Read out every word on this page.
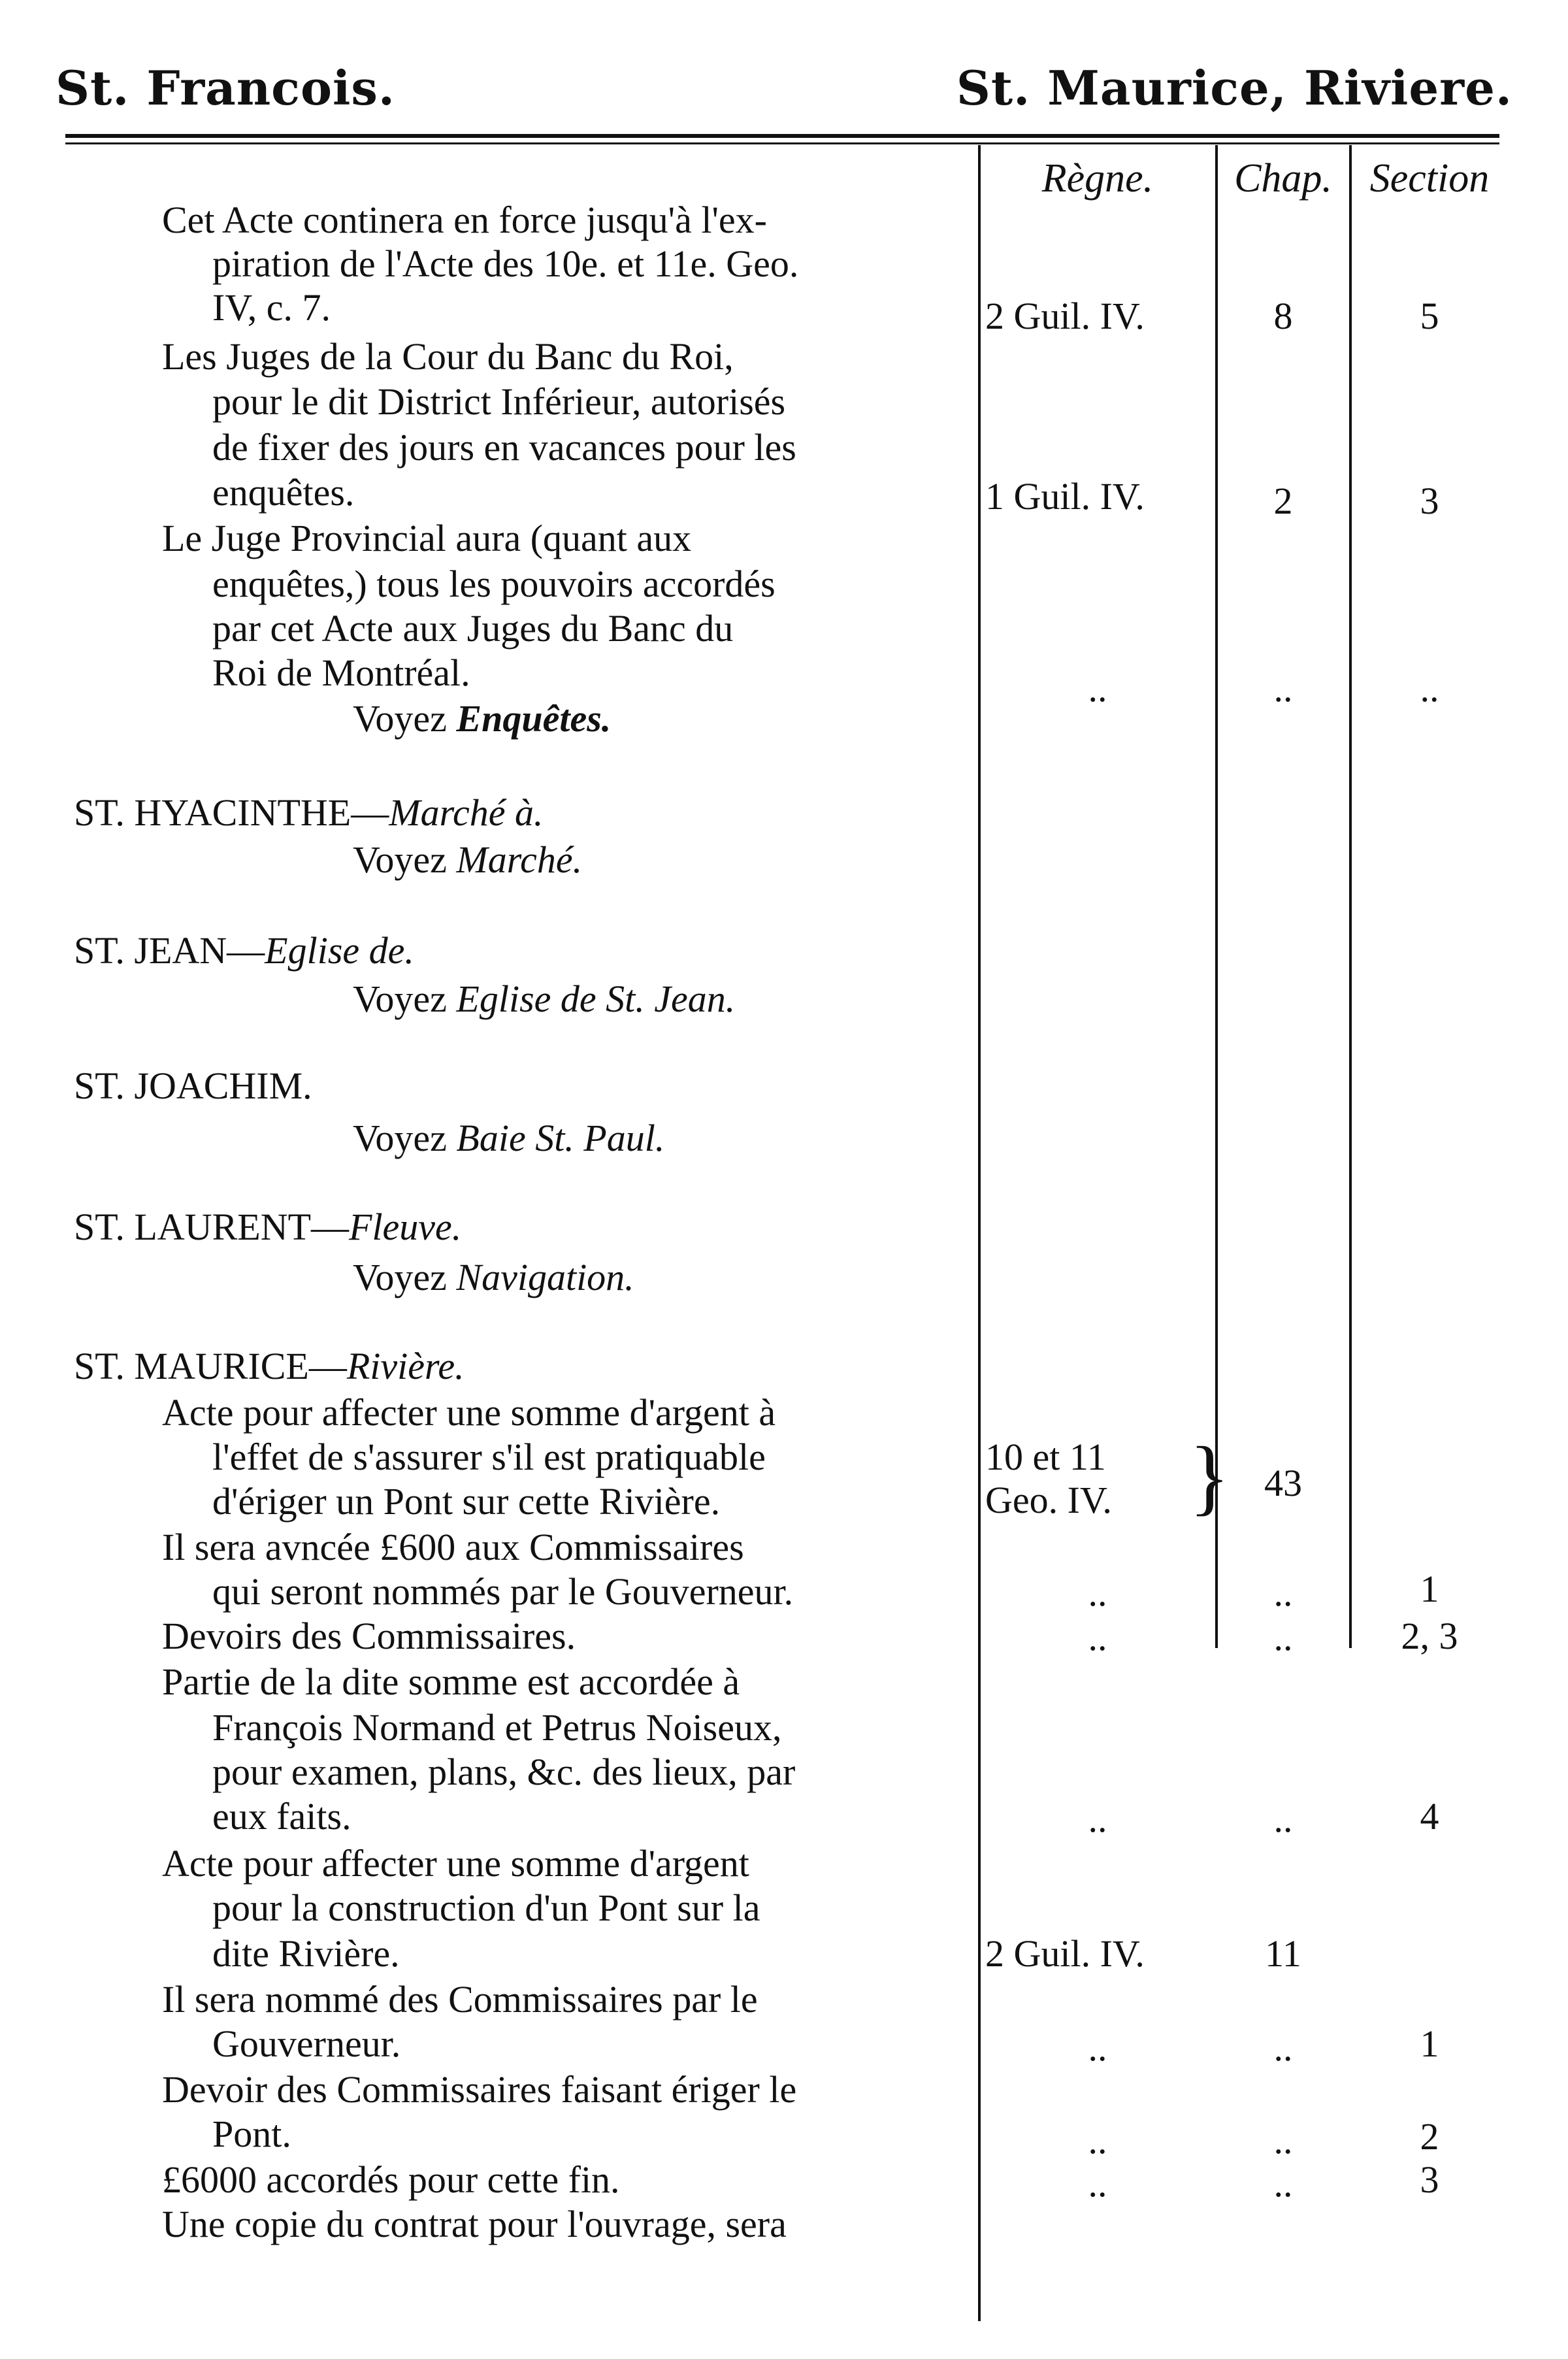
St. Francois.	St. Maurice, Riviere.
Règne.	Chap. Section
Cet Acte continera en force jusqu'à l'ex-
piration de l'Acte des 10e. et 11e. Geo.
IV, c. 7.	2 Guil. IV.	8	5
Les Juges de la Cour du Banc du Roi,
pour le dit District Inférieur, autorisés
de fixer des jours en vacances pour les
enquêtes.	1 Guil. IV.	2	3
Le Juge Provincial aura (quant aux
enquêtes,) tous les pouvoirs accordés
par cet Acte aux Juges du Banc du
Roi de Montréal.	..	..	..
Voyez Enquêtes.
ST. HYACINTHE—Marché à.
Voyez Marché.
ST. JEAN—Eglise de.
Voyez Eglise de St. Jean.
ST. JOACHIM.
Voyez Baie St. Paul.
ST. LAURENT—Fleuve.
Voyez Navigation.
ST. MAURICE—Rivière.
Acte pour affecter une somme d'argent à
l'effet de s'assurer s'il est pratiquable
d'ériger un Pont sur cette Rivière.
10 et 11
Geo. IV. } 43
Il sera avncée £600 aux Commissaires
qui seront nommés par le Gouverneur.	..	..	1
Devoirs des Commissaires.	..	..	2, 3
Partie de la dite somme est accordée à
François Normand et Petrus Noiseux,
pour examen, plans, &c. des lieux, par
eux faits.	..	..	4
Acte pour affecter une somme d'argent
pour la construction d'un Pont sur la
dite Rivière.	2 Guil. IV.	11
Il sera nommé des Commissaires par le
Gouverneur.	..	..	1
Devoir des Commissaires faisant ériger le
Pont.	..	..	2
£6000 accordés pour cette fin.	..	..	3
Une copie du contrat pour l'ouvrage, sera
